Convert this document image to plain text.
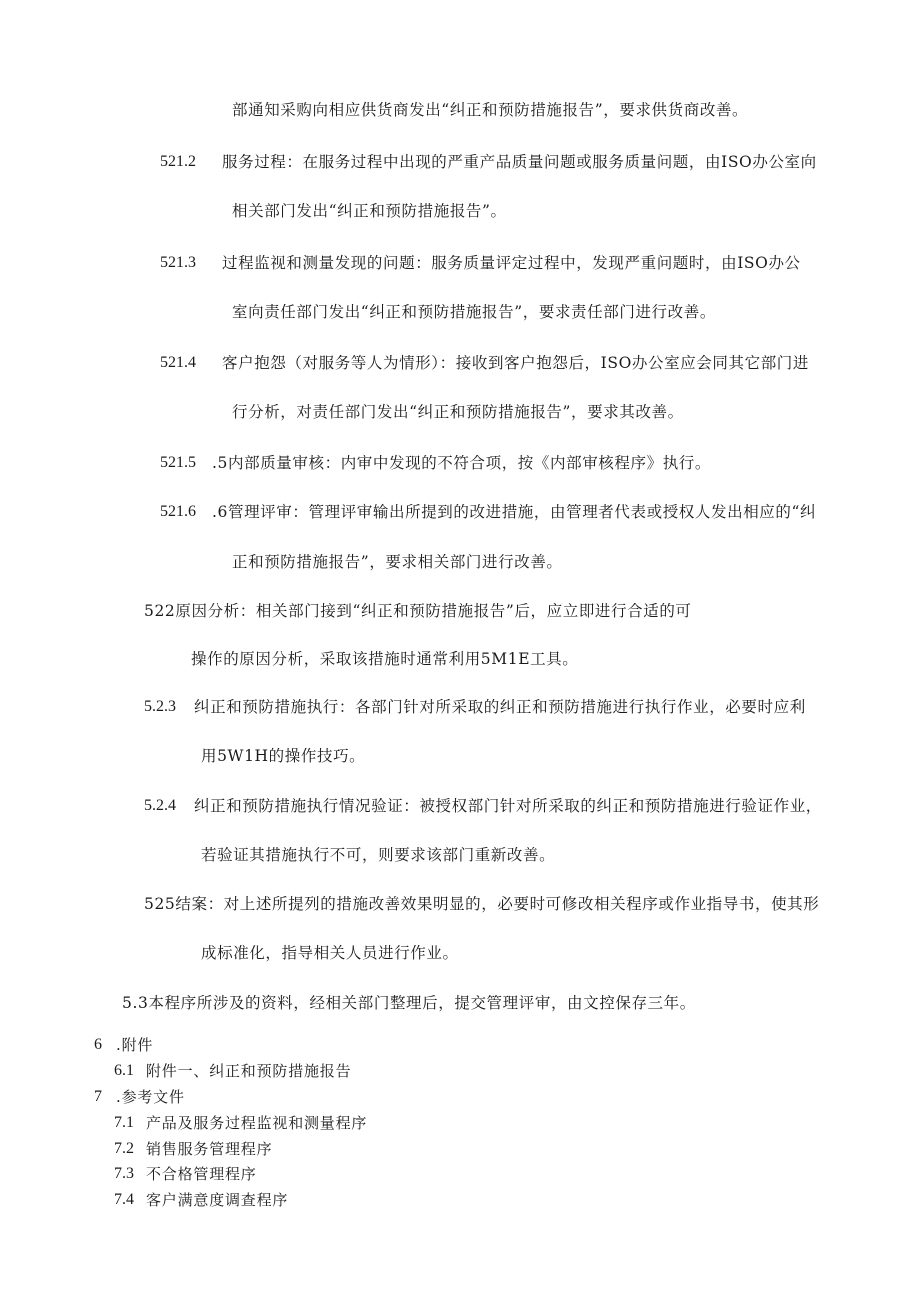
部通知采购向相应供货商发出“纠正和预防措施报告”，要求供货商改善。
521.2 服务过程：在服务过程中出现的严重产品质量问题或服务质量问题，由ISO办公室向
相关部门发出“纠正和预防措施报告”。
521.3 过程监视和测量发现的问题：服务质量评定过程中，发现严重问题时，由ISO办公
室向责任部门发出“纠正和预防措施报告”，要求责任部门进行改善。
521.4 客户抱怨（对服务等人为情形）：接收到客户抱怨后，ISO办公室应会同其它部门进
行分析，对责任部门发出“纠正和预防措施报告”，要求其改善。
521.5 .5内部质量审核：内审中发现的不符合项，按《内部审核程序》执行。
521.6 .6管理评审：管理评审输出所提到的改进措施，由管理者代表或授权人发出相应的“纠
正和预防措施报告”，要求相关部门进行改善。
522原因分析：相关部门接到“纠正和预防措施报告”后，应立即进行合适的可
操作的原因分析，采取该措施时通常利用5M1E工具。
5.2.3 纠正和预防措施执行：各部门针对所采取的纠正和预防措施进行执行作业，必要时应利
用5W1H的操作技巧。
5.2.4 纠正和预防措施执行情况验证：被授权部门针对所采取的纠正和预防措施进行验证作业，
若验证其措施执行不可，则要求该部门重新改善。
525结案：对上述所提列的措施改善效果明显的，必要时可修改相关程序或作业指导书，使其形
成标准化，指导相关人员进行作业。
5.3本程序所涉及的资料，经相关部门整理后，提交管理评审，由文控保存三年。
6 .附件
6.1 附件一、纠正和预防措施报告
7 .参考文件
7.1 产品及服务过程监视和测量程序
7.2 销售服务管理程序
7.3 不合格管理程序
7.4 客户满意度调查程序
